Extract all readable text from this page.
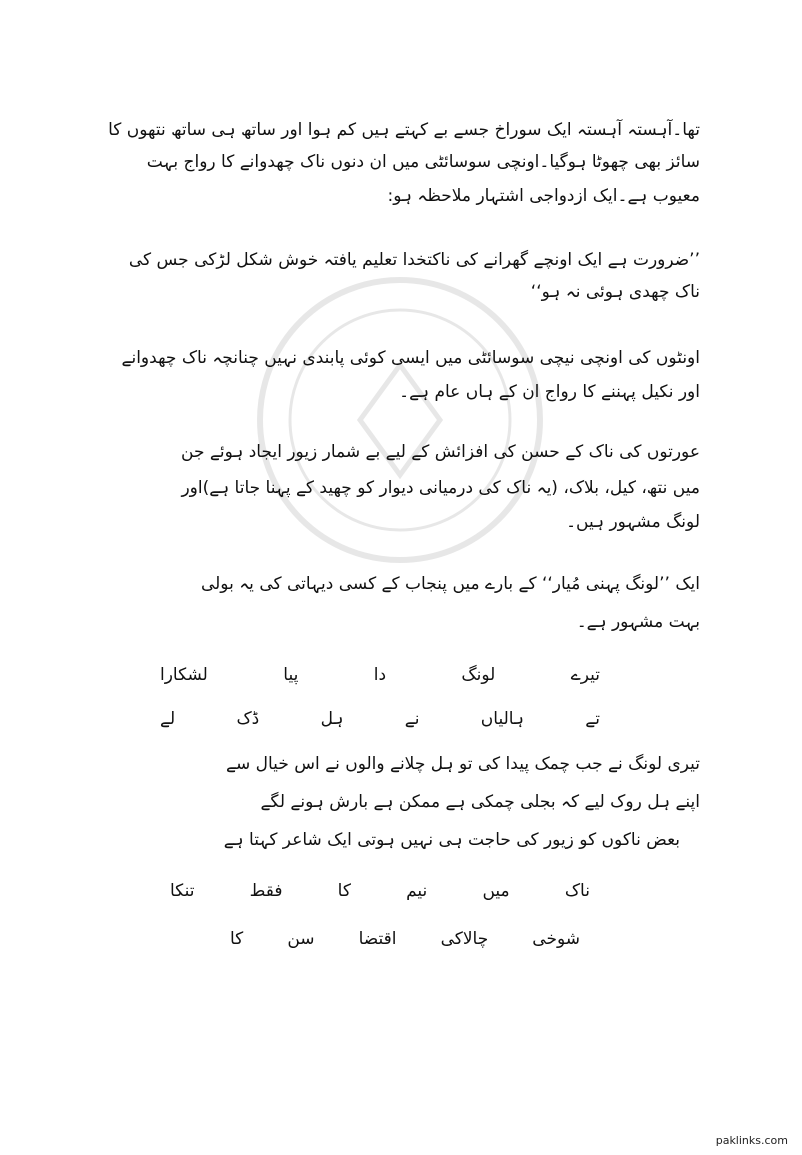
تھا۔آہستہ آہستہ ایک سوراخ جسے بے کہتے ہیں کم ہوا اور ساتھ ہی ساتھ نتھوں کا
سائز بھی چھوٹا ہوگیا۔اونچی سوسائٹی میں ان دنوں ناک چھدوانے کا رواج بہت
معیوب ہے۔ایک ازدواجی اشتہار ملاحظہ ہو:
’’ضرورت ہے ایک اونچے گھرانے کی ناکتخدا تعلیم یافتہ خوش شکل لڑکی جس کی
ناک چھدی ہوئی نہ ہو‘‘
اونٹوں کی اونچی نیچی سوسائٹی میں ایسی کوئی پابندی نہیں چنانچہ ناک چھدوانے
اور نکیل پہننے کا رواج ان کے ہاں عام ہے۔
عورتوں کی ناک کے حسن کی افزائش کے لیے بے شمار زیور ایجاد ہوئے جن
میں نتھ، کیل، بلاک، (یہ ناک کی درمیانی دیوار کو چھید کے پہنا جاتا ہے)اور
لونگ مشہور ہیں۔
ایک ’’لونگ پہنی مُیار‘‘ کے بارے میں پنجاب کے کسی دیہاتی کی یہ بولی
بہت مشہور ہے۔
تیرے
لونگ
دا
پیا
لشکارا
تے
ہالیاں
نے
ہل
ڈک
لے
تیری لونگ نے جب چمک پیدا کی تو ہل چلانے والوں نے اس خیال سے
اپنے ہل روک لیے کہ بجلی چمکی ہے ممکن ہے بارش ہونے لگے
بعض ناکوں کو زیور کی حاجت ہی نہیں ہوتی ایک شاعر کہتا ہے
ناک
میں
نیم
کا
فقط
تنکا
شوخی
چالاکی
اقتضا
سن
کا
paklinks.com
